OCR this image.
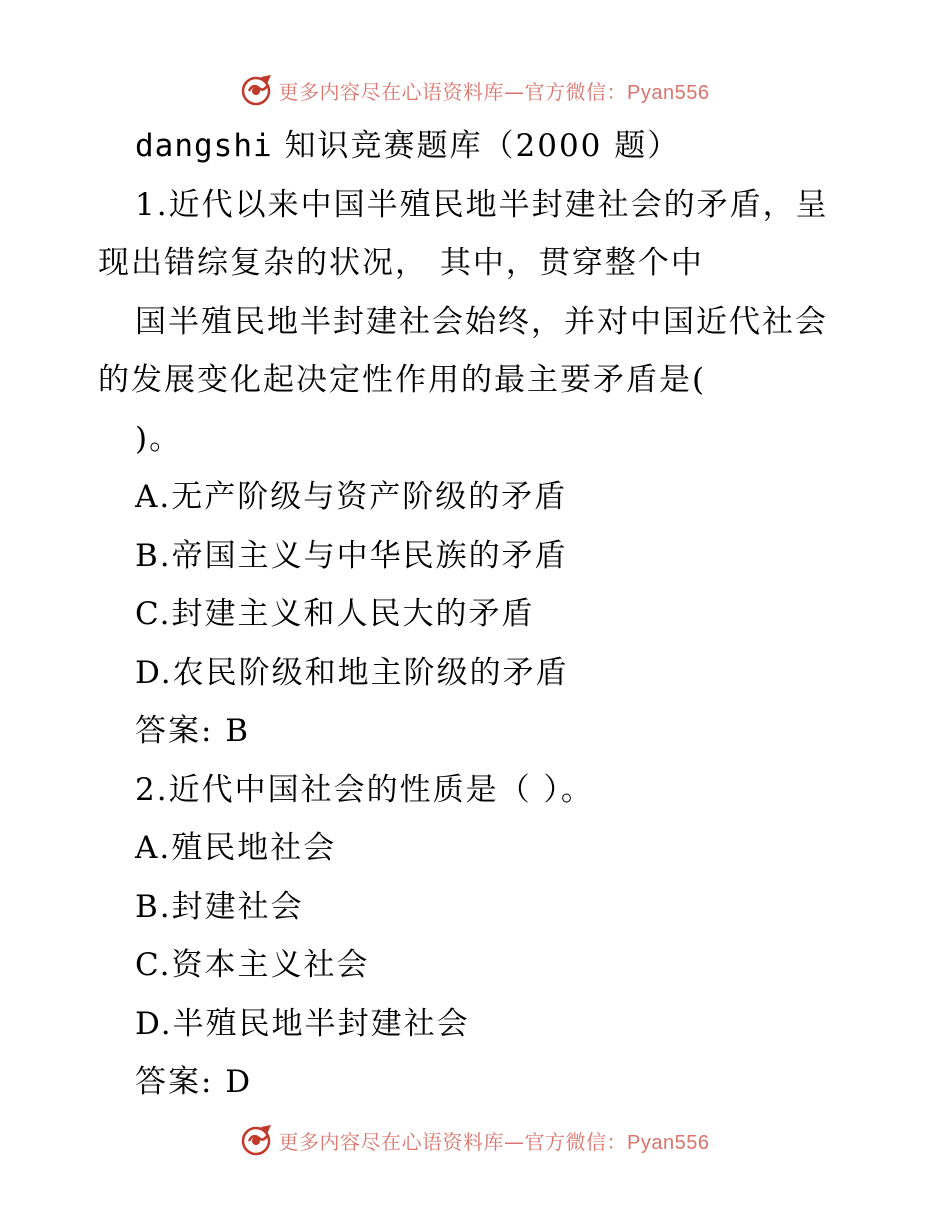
更多内容尽在心语资料库—官方微信：Pyan556
dangshi 知识竞赛题库（2000 题）
1.近代以来中国半殖民地半封建社会的矛盾，呈
现出错综复杂的状况， 其中，贯穿整个中
国半殖民地半封建社会始终，并对中国近代社会
的发展变化起决定性作用的最主要矛盾是(
)。
A.无产阶级与资产阶级的矛盾
B.帝国主义与中华民族的矛盾
C.封建主义和人民大的矛盾
D.农民阶级和地主阶级的矛盾
答案: B
2.近代中国社会的性质是（ ）。
A.殖民地社会
B.封建社会
C.资本主义社会
D.半殖民地半封建社会
答案: D
更多内容尽在心语资料库—官方微信：Pyan556
